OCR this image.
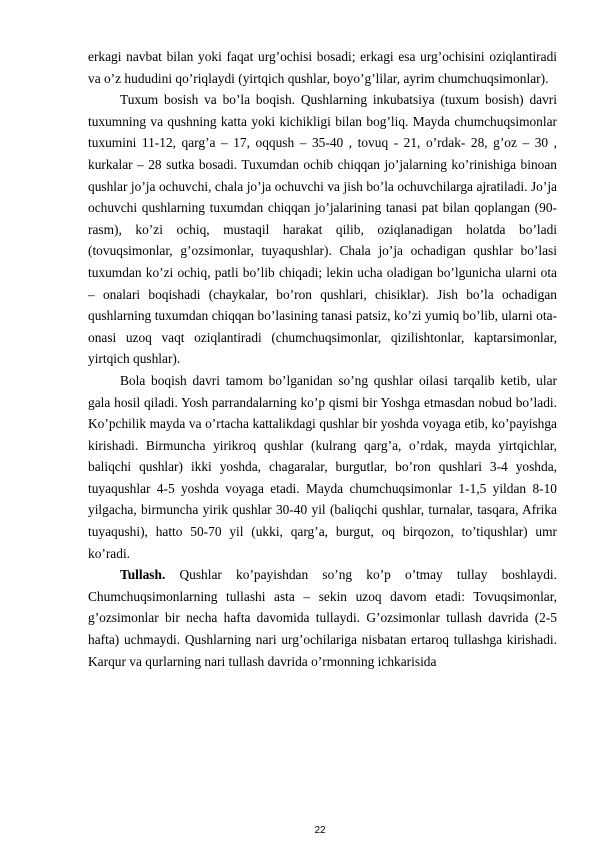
erkagi navbat bilan yoki faqat urg’ochisi bosadi; erkagi esa urg’ochisini oziqlantiradi va o’z hududini qo’riqlaydi (yirtqich qushlar, boyo’g’lilar, ayrim chumchuqsimonlar).

Tuxum bosish va bo’la boqish. Qushlarning inkubatsiya (tuxum bosish) davri tuxumning va qushning katta yoki kichikligi bilan bog’liq. Mayda chumchuqsimonlar tuxumini 11-12, qarg’a – 17, oqqush – 35-40 , tovuq - 21, o’rdak- 28, g’oz – 30 , kurkalar – 28 sutka bosadi. Tuxumdan ochib chiqqan jo’jalarning ko’rinishiga binoan qushlar jo’ja ochuvchi, chala jo’ja ochuvchi va jish bo’la ochuvchilarga ajratiladi. Jo’ja ochuvchi qushlarning tuxumdan chiqqan jo’jalarining tanasi pat bilan qoplangan (90-rasm), ko’zi ochiq, mustaqil harakat qilib, oziqlanadigan holatda bo’ladi (tovuqsimonlar, g’ozsimonlar, tuyaqushlar). Chala jo’ja ochadigan qushlar bo’lasi tuxumdan ko’zi ochiq, patli bo’lib chiqadi; lekin ucha oladigan bo’lgunicha ularni ota – onalari boqishadi (chaykalar, bo’ron qushlari, chisiklar). Jish bo’la ochadigan qushlarning tuxumdan chiqqan bo’lasining tanasi patsiz, ko’zi yumiq bo’lib, ularni ota-onasi uzoq vaqt oziqlantiradi (chumchuqsimonlar, qizilishtonlar, kaptarsimonlar, yirtqich qushlar).

Bola boqish davri tamom bo’lganidan so’ng qushlar oilasi tarqalib ketib, ular gala hosil qiladi. Yosh parrandalarning ko’p qismi bir Yoshga etmasdan nobud bo’ladi. Ko’pchilik mayda va o’rtacha kattalikdagi qushlar bir yoshda voyaga etib, ko’payishga kirishadi. Birmuncha yirikroq qushlar (kulrang qarg’a, o’rdak, mayda yirtqichlar, baliqchi qushlar) ikki yoshda, chagaralar, burgutlar, bo’ron qushlari 3-4 yoshda, tuyaqushlar 4-5 yoshda voyaga etadi. Mayda chumchuqsimonlar 1-1,5 yildan 8-10 yilgacha, birmuncha yirik qushlar 30-40 yil (baliqchi qushlar, turnalar, tasqara, Afrika tuyaqushi), hatto 50-70 yil (ukki, qarg’a, burgut, oq birqozon, to’tiqushlar) umr ko’radi.

Tullash. Qushlar ko’payishdan so’ng ko’p o’tmay tullay boshlaydi. Chumchuqsimonlarning tullashi asta – sekin uzoq davom etadi: Tovuqsimonlar, g’ozsimonlar bir necha hafta davomida tullaydi. G’ozsimonlar tullash davrida (2-5 hafta) uchmaydi. Qushlarning nari urg’ochilariga nisbatan ertaroq tullashga kirishadi. Karqur va qurlarning nari tullash davrida o’rmonning ichkarisida

22
